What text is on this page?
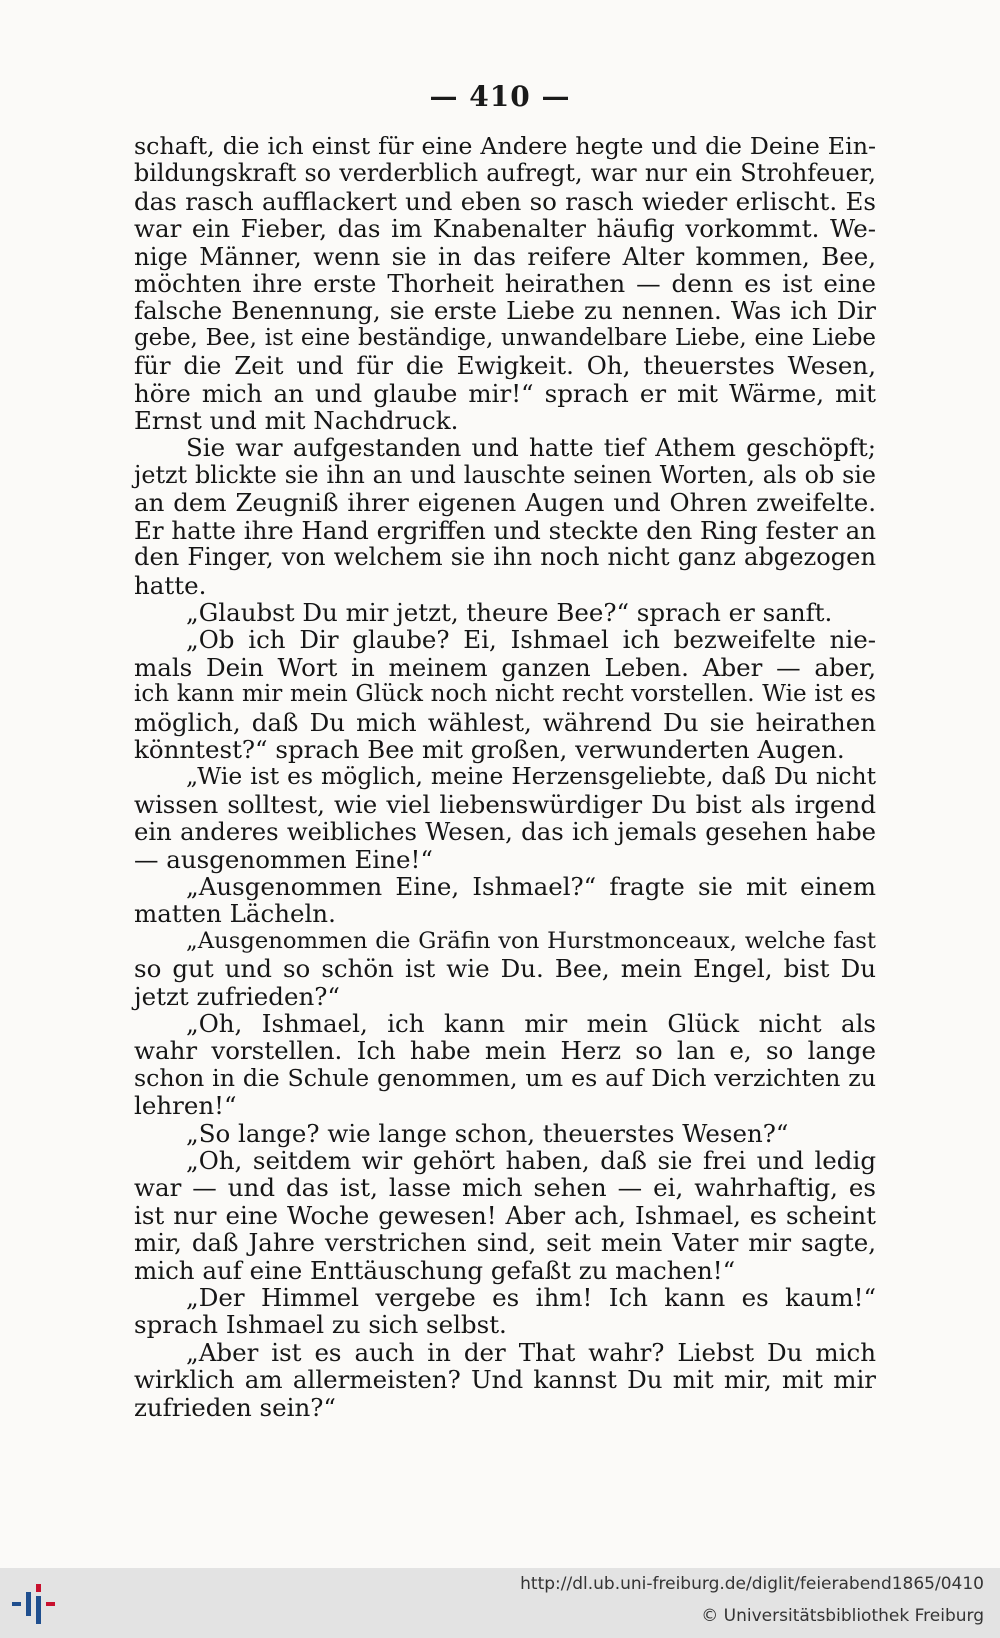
— 410 —
schaft, die ich einst für eine Andere hegte und die Deine Ein-
bildungskraft so verderblich aufregt, war nur ein Strohfeuer,
das rasch aufflackert und eben so rasch wieder erlischt. Es
war ein Fieber, das im Knabenalter häufig vorkommt. We-
nige Männer, wenn sie in das reifere Alter kommen, Bee,
möchten ihre erste Thorheit heirathen — denn es ist eine
falsche Benennung, sie erste Liebe zu nennen. Was ich Dir
gebe, Bee, ist eine beständige, unwandelbare Liebe, eine Liebe
für die Zeit und für die Ewigkeit. Oh, theuerstes Wesen,
höre mich an und glaube mir!“ sprach er mit Wärme, mit
Ernst und mit Nachdruck.
Sie war aufgestanden und hatte tief Athem geschöpft;
jetzt blickte sie ihn an und lauschte seinen Worten, als ob sie
an dem Zeugniß ihrer eigenen Augen und Ohren zweifelte.
Er hatte ihre Hand ergriffen und steckte den Ring fester an
den Finger, von welchem sie ihn noch nicht ganz abgezogen
hatte.
„Glaubst Du mir jetzt, theure Bee?“ sprach er sanft.
„Ob ich Dir glaube? Ei, Ishmael ich bezweifelte nie-
mals Dein Wort in meinem ganzen Leben. Aber — aber,
ich kann mir mein Glück noch nicht recht vorstellen. Wie ist es
möglich, daß Du mich wählest, während Du sie heirathen
könntest?“ sprach Bee mit großen, verwunderten Augen.
„Wie ist es möglich, meine Herzensgeliebte, daß Du nicht
wissen solltest, wie viel liebenswürdiger Du bist als irgend
ein anderes weibliches Wesen, das ich jemals gesehen habe
— ausgenommen Eine!“
„Ausgenommen Eine, Ishmael?“ fragte sie mit einem
matten Lächeln.
„Ausgenommen die Gräfin von Hurstmonceaux, welche fast
so gut und so schön ist wie Du. Bee, mein Engel, bist Du
jetzt zufrieden?“
„Oh, Ishmael, ich kann mir mein Glück nicht als
wahr vorstellen. Ich habe mein Herz so lan e, so lange
schon in die Schule genommen, um es auf Dich verzichten zu
lehren!“
„So lange? wie lange schon, theuerstes Wesen?“
„Oh, seitdem wir gehört haben, daß sie frei und ledig
war — und das ist, lasse mich sehen — ei, wahrhaftig, es
ist nur eine Woche gewesen! Aber ach, Ishmael, es scheint
mir, daß Jahre verstrichen sind, seit mein Vater mir sagte,
mich auf eine Enttäuschung gefaßt zu machen!“
„Der Himmel vergebe es ihm! Ich kann es kaum!“
sprach Ishmael zu sich selbst.
„Aber ist es auch in der That wahr? Liebst Du mich
wirklich am allermeisten? Und kannst Du mit mir, mit mir
zufrieden sein?“
http://dl.ub.uni-freiburg.de/diglit/feierabend1865/0410
© Universitätsbibliothek Freiburg
